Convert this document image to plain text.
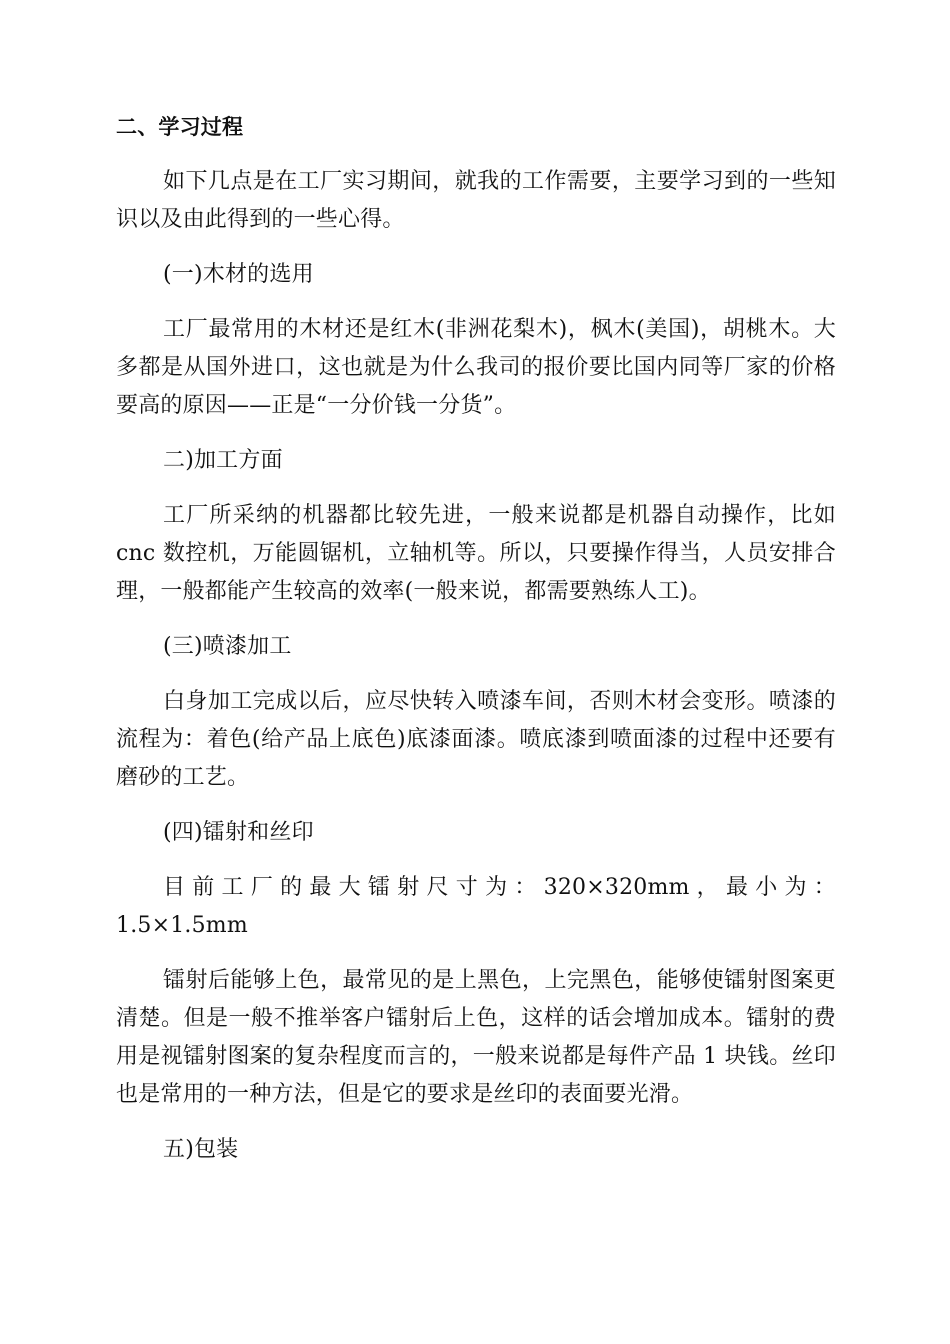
二、学习过程

如下几点是在工厂实习期间，就我的工作需要，主要学习到的一些知识以及由此得到的一些心得。

(一)木材的选用

工厂最常用的木材还是红木(非洲花梨木)，枫木(美国)，胡桃木。大多都是从国外进口，这也就是为什么我司的报价要比国内同等厂家的价格要高的原因——正是“一分价钱一分货”。

二)加工方面

工厂所采纳的机器都比较先进，一般来说都是机器自动操作，比如 cnc 数控机，万能圆锯机，立轴机等。所以，只要操作得当，人员安排合理，一般都能产生较高的效率(一般来说，都需要熟练人工)。

(三)喷漆加工

白身加工完成以后，应尽快转入喷漆车间，否则木材会变形。喷漆的流程为：着色(给产品上底色)底漆面漆。喷底漆到喷面漆的过程中还要有磨砂的工艺。

(四)镭射和丝印

目前工厂的最大镭射尺寸为：320×320mm，最小为：1.5×1.5mm

镭射后能够上色，最常见的是上黑色，上完黑色，能够使镭射图案更清楚。但是一般不推举客户镭射后上色，这样的话会增加成本。镭射的费用是视镭射图案的复杂程度而言的，一般来说都是每件产品 1 块钱。丝印也是常用的一种方法，但是它的要求是丝印的表面要光滑。

五)包装
